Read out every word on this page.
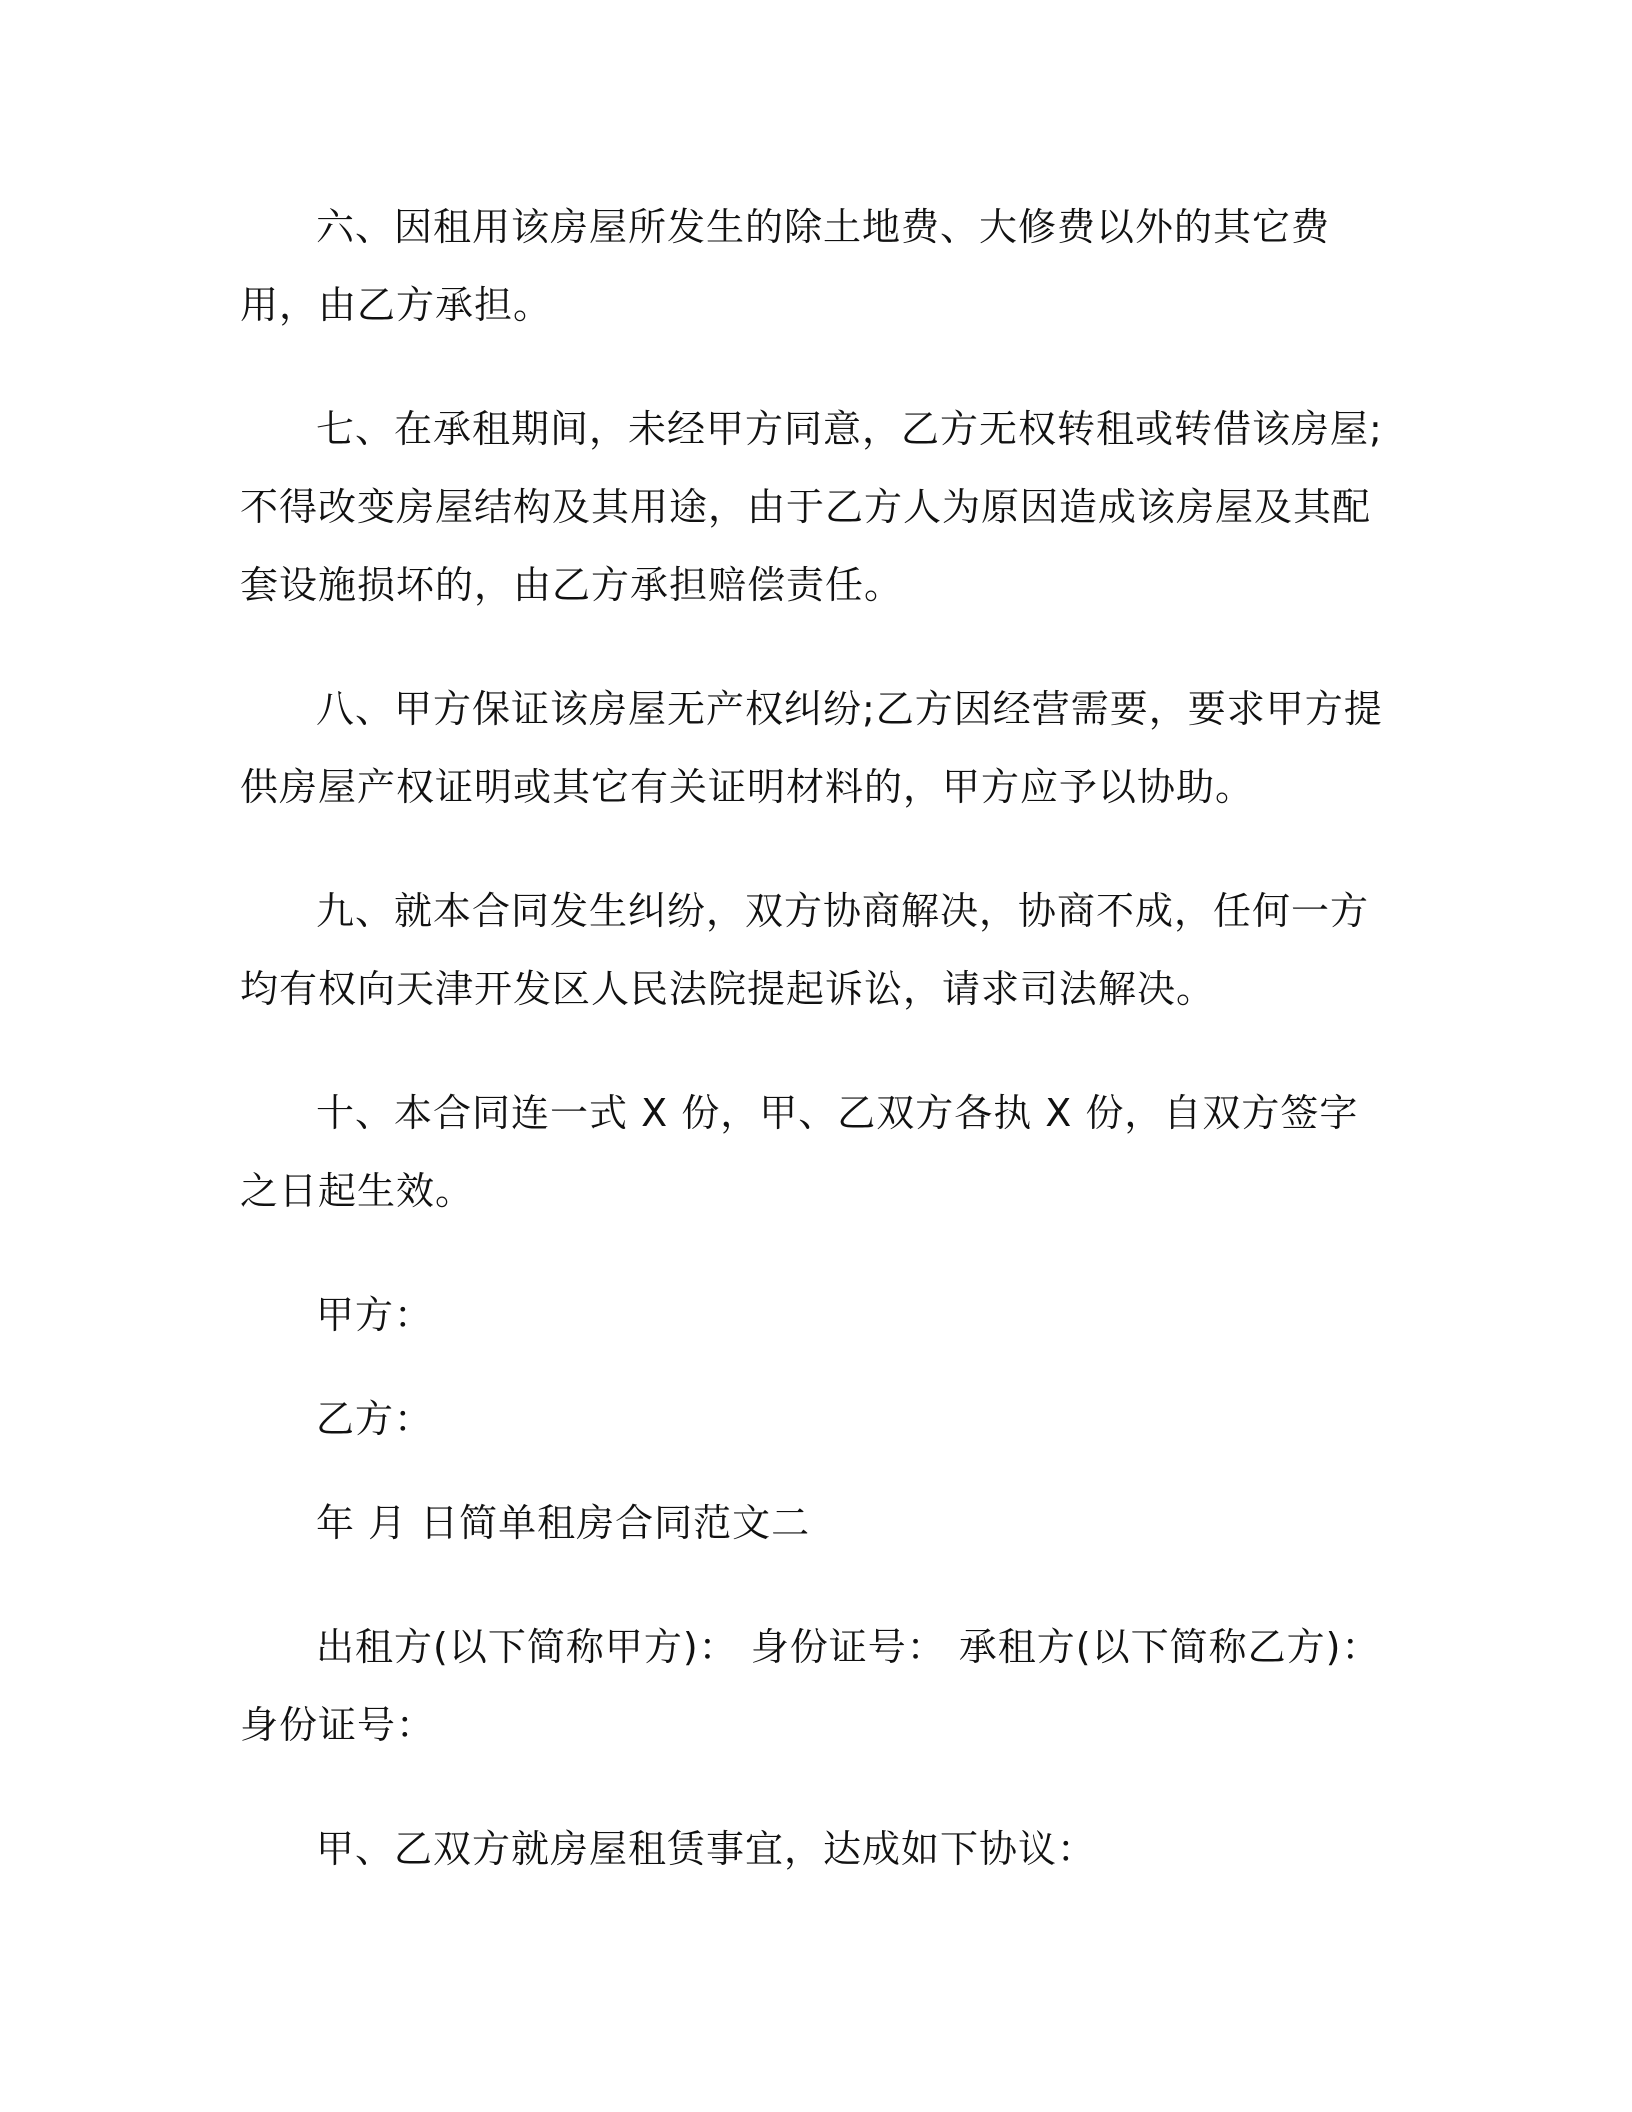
六、因租用该房屋所发生的除土地费、大修费以外的其它费用，由乙方承担。

七、在承租期间，未经甲方同意，乙方无权转租或转借该房屋;不得改变房屋结构及其用途，由于乙方人为原因造成该房屋及其配套设施损坏的，由乙方承担赔偿责任。

八、甲方保证该房屋无产权纠纷;乙方因经营需要，要求甲方提供房屋产权证明或其它有关证明材料的，甲方应予以协助。

九、就本合同发生纠纷，双方协商解决，协商不成，任何一方均有权向天津开发区人民法院提起诉讼，请求司法解决。

十、本合同连一式 X 份，甲、乙双方各执 X 份，自双方签字之日起生效。

甲方：

乙方：

年 月 日简单租房合同范文二

出租方(以下简称甲方)： 身份证号： 承租方(以下简称乙方)： 身份证号：

甲、乙双方就房屋租赁事宜，达成如下协议：
